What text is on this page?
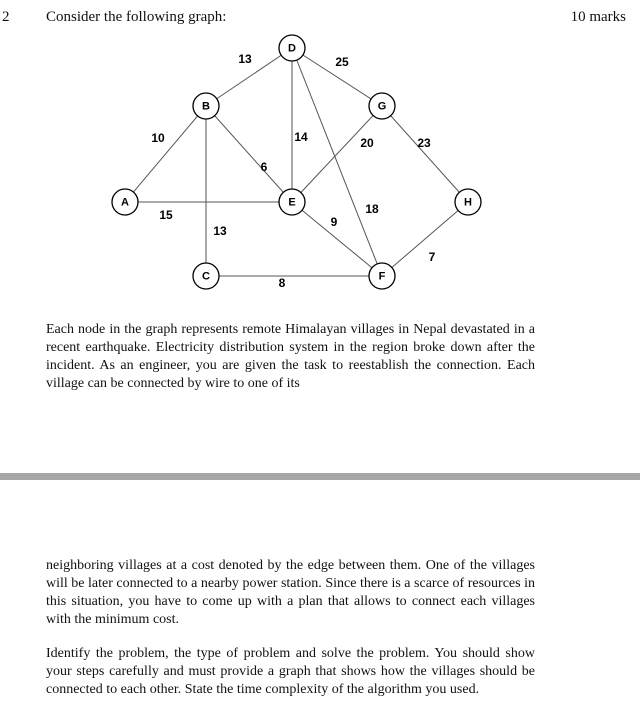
2 Consider the following graph:	10 marks
10
15
13
13
6
14
25
18
20	23
9
8
7
A
B
C
D
E
F
G
H

Each node in the graph represents remote Himalayan villages in Nepal devastated in a recent earthquake. Electricity distribution system in the region broke down after the incident. As an engineer, you are given the task to reestablish the connection. Each village can be connected by wire to one of its

neighboring villages at a cost denoted by the edge between them. One of the villages will be later connected to a nearby power station. Since there is a scarce of resources in this situation, you have to come up with a plan that allows to connect each villages with the minimum cost.

Identify the problem, the type of problem and solve the problem. You should show your steps carefully and must provide a graph that shows how the villages should be connected to each other. State the time complexity of the algorithm you used.
